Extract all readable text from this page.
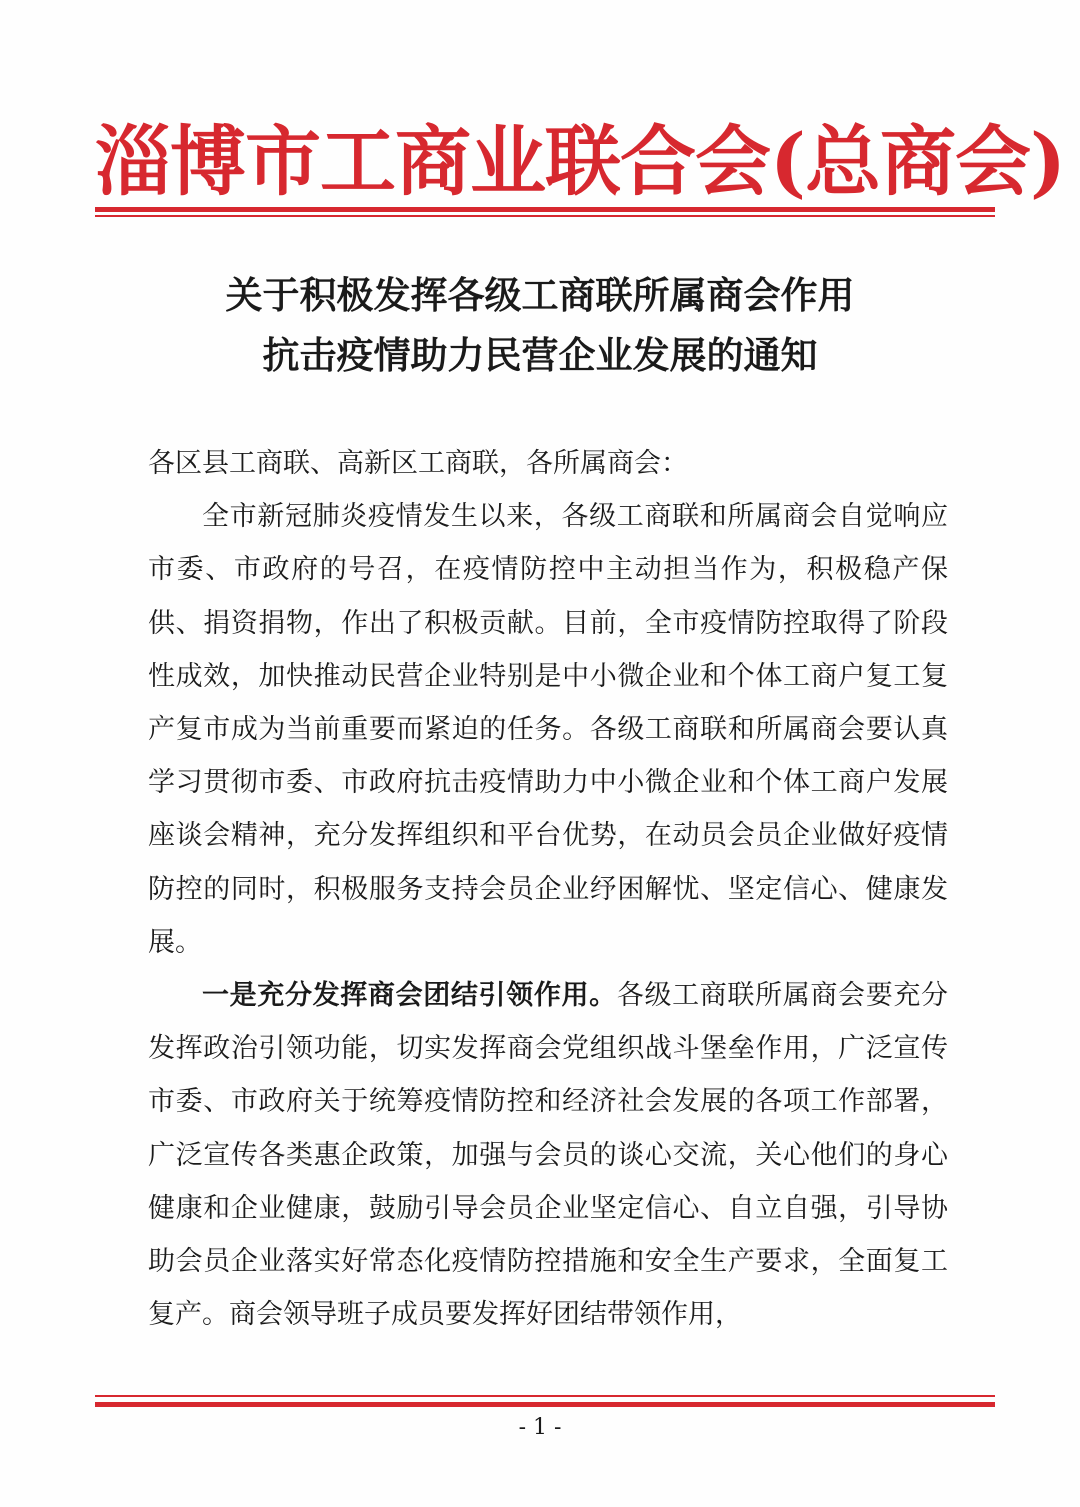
淄博市工商业联合会(总商会)
关于积极发挥各级工商联所属商会作用
抗击疫情助力民营企业发展的通知

各区县工商联、高新区工商联，各所属商会：

全市新冠肺炎疫情发生以来，各级工商联和所属商会自觉响应市委、市政府的号召，在疫情防控中主动担当作为，积极稳产保供、捐资捐物，作出了积极贡献。目前，全市疫情防控取得了阶段性成效，加快推动民营企业特别是中小微企业和个体工商户复工复产复市成为当前重要而紧迫的任务。各级工商联和所属商会要认真学习贯彻市委、市政府抗击疫情助力中小微企业和个体工商户发展座谈会精神，充分发挥组织和平台优势，在动员会员企业做好疫情防控的同时，积极服务支持会员企业纾困解忧、坚定信心、健康发展。

一是充分发挥商会团结引领作用。各级工商联所属商会要充分发挥政治引领功能，切实发挥商会党组织战斗堡垒作用，广泛宣传市委、市政府关于统筹疫情防控和经济社会发展的各项工作部署，广泛宣传各类惠企政策，加强与会员的谈心交流，关心他们的身心健康和企业健康，鼓励引导会员企业坚定信心、自立自强，引导协助会员企业落实好常态化疫情防控措施和安全生产要求，全面复工复产。商会领导班子成员要发挥好团结带领作用，

- 1 -
